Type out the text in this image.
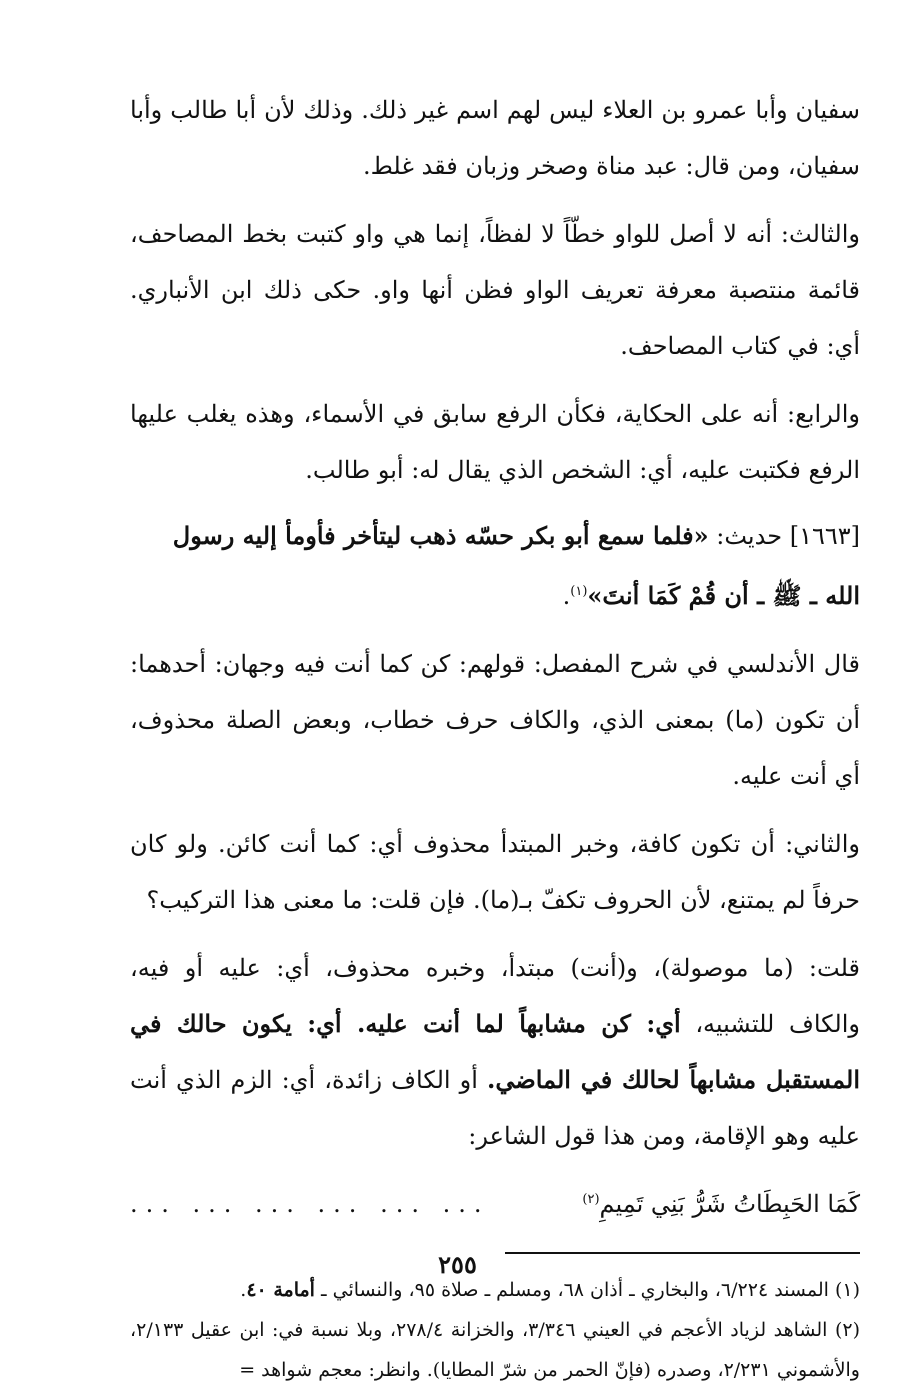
سفيان وأبا عمرو بن العلاء ليس لهم اسم غير ذلك. وذلك لأن أبا طالب وأبا سفيان، ومن قال: عبد مناة وصخر وزبان فقد غلط.

والثالث: أنه لا أصل للواو خطّاً لا لفظاً، إنما هي واو كتبت بخط المصاحف، قائمة منتصبة معرفة تعريف الواو فظن أنها واو. حكى ذلك ابن الأنباري. أي: في كتاب المصاحف.

والرابع: أنه على الحكاية، فكأن الرفع سابق في الأسماء، وهذه يغلب عليها الرفع فكتبت عليه، أي: الشخص الذي يقال له: أبو طالب.

[١٦٦٣] حديث: «فلما سمع أبو بكر حسّه ذهب ليتأخر فأومأ إليه رسول الله ـ ﷺ ـ أن قُمْ كَمَا أنتَ»$^{(١)}$.

قال الأندلسي في شرح المفصل: قولهم: كن كما أنت فيه وجهان: أحدهما: أن تكون (ما) بمعنى الذي، والكاف حرف خطاب، وبعض الصلة محذوف، أي أنت عليه.

والثاني: أن تكون كافة، وخبر المبتدأ محذوف أي: كما أنت كائن. ولو كان حرفاً لم يمتنع، لأن الحروف تكفّ بـ(ما). فإن قلت: ما معنى هذا التركيب؟

قلت: (ما موصولة)، و(أنت) مبتدأ، وخبره محذوف، أي: عليه أو فيه، والكاف للتشبيه، أي: كن مشابهاً لما أنت عليه. أي: يكون حالك في المستقبل مشابهاً لحالك في الماضي. أو الكاف زائدة، أي: الزم الذي أنت عليه وهو الإقامة، ومن هذا قول الشاعر:

كَمَا الحَبِطَاتُ شَرُّ بَنِي تَمِيمِ$^{(٢)}$
... ... ... ... ... ...

(١) المسند ٦/٢٢٤، والبخاري ـ أذان ٦٨، ومسلم ـ صلاة ٩٥، والنسائي ـ أمامة ٤٠.

(٢) الشاهد لزياد الأعجم في العيني ٣/٣٤٦، والخزانة ٢٧٨/٤، وبلا نسبة في: ابن عقيل ٢/١٣٣، والأشموني ٢/٢٣١، وصدره (فإنّ الحمر من شرّ المطايا). وانظر: معجم شواهد =

٢٥٥
